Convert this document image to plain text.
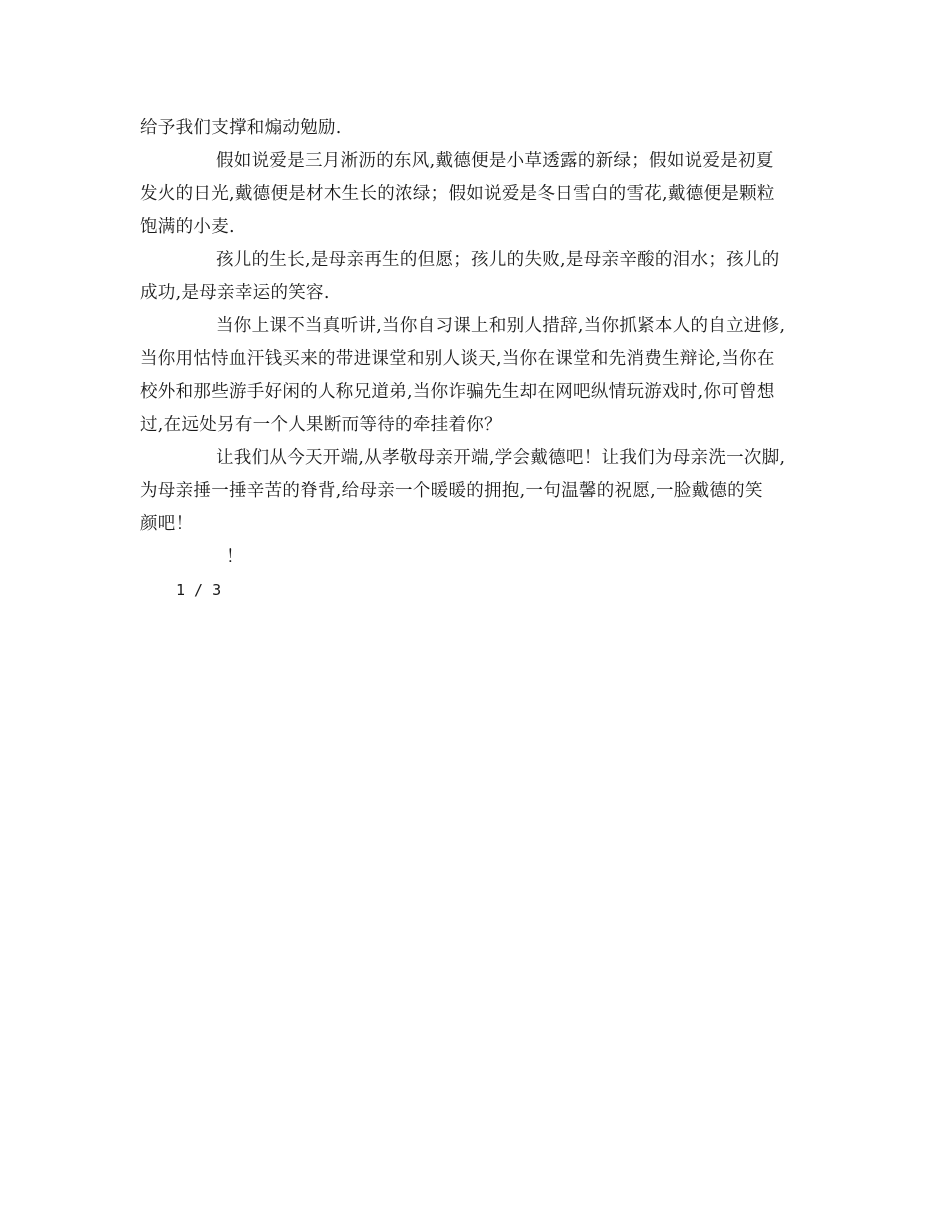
给予我们支撑和煽动勉励.
假如说爱是三月淅沥的东风,戴德便是小草透露的新绿；假如说爱是初夏
发火的日光,戴德便是材木生长的浓绿；假如说爱是冬日雪白的雪花,戴德便是颗粒
饱满的小麦.
孩儿的生长,是母亲再生的但愿；孩儿的失败,是母亲辛酸的泪水；孩儿的
成功,是母亲幸运的笑容.
当你上课不当真听讲,当你自习课上和别人措辞,当你抓紧本人的自立进修,
当你用怙恃血汗钱买来的带进课堂和别人谈天,当你在课堂和先消费生辩论,当你在
校外和那些游手好闲的人称兄道弟,当你诈骗先生却在网吧纵情玩游戏时,你可曾想
过,在远处另有一个人果断而等待的牵挂着你？
让我们从今天开端,从孝敬母亲开端,学会戴德吧！让我们为母亲洗一次脚,
为母亲捶一捶辛苦的脊背,给母亲一个暖暖的拥抱,一句温馨的祝愿,一脸戴德的笑
颜吧！
！
1 / 3
